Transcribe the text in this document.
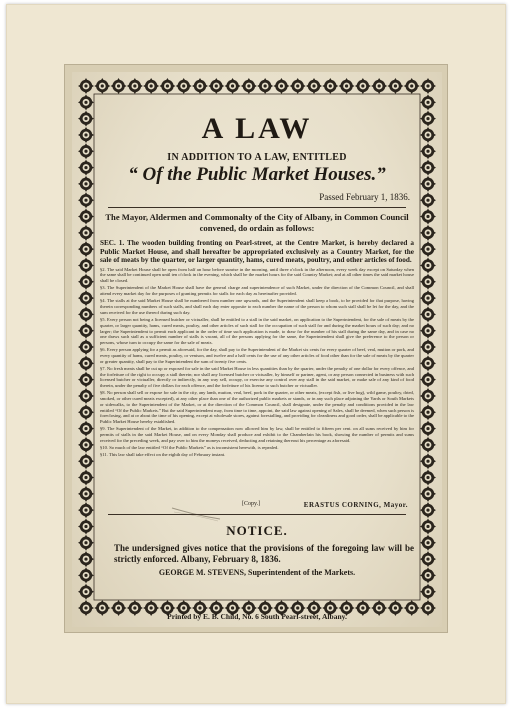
A LAW
IN ADDITION TO A LAW, ENTITLED
“ Of the Public Market Houses.”
Passed February 1, 1836.
The Mayor, Aldermen and Commonalty of the City of Albany, in Common Council convened, do ordain as follows:

SEC. 1. The wooden building fronting on Pearl-street, at the Centre Market, is hereby declared a Public Market House, and shall hereafter be appropriated exclusively as a Country Market, for the sale of meats by the quarter, or larger quantity, hams, cured meats, poultry, and other articles of food.

§2. The said Market House shall be open from half an hour before sunrise in the morning, until three o'clock in the afternoon, every week day except on Saturday when the same shall be continued open until ten o'clock in the evening, which shall be the market hours for the said Country Market; and at all other times the said market house shall be closed.

§3. The Superintendent of the Market House shall have the general charge and superintendence of such Market, under the direction of the Common Council, and shall attend every market day for the purposes of granting permits for stalls for each day as hereinafter provided.

§4. The stalls at the said Market House shall be numbered from number one upwards, and the Superintendent shall keep a book, to be provided for that purpose, having therein corresponding numbers of such stalls, and shall each day enter opposite to each number the name of the person to whom such stall shall be let for the day, and the sum received for the use thereof during such day.

§5. Every person not being a licensed butcher or victualler, shall be entitled to a stall in the said market, on application to the Superintendent, for the sale of meats by the quarter, or larger quantity, hams, cured meats, poultry, and other articles of such stall for the occupation of such stall for and during the market hours of such day; and no larger; the Superintendent to permit each applicant in the order of time such application is made, to draw for the number of his stall during the same day, and in case no one draws such stall as a sufficient number of stalls is vacant, all of the persons applying for the same, the Superintendent shall give the preference to the person or persons, whose turn to occupy the same for the sale of meats.

§6. Every person applying for a permit as aforesaid, for the day, shall pay to the Superintendent of the Market six cents for every quarter of beef, veal, mutton or pork, and every quantity of hams, cured meats, poultry, or venison, and twelve and a half cents for the use of any other articles of food other than for the sale of meats by the quarter or greater quantity, shall pay to the Superintendent the sum of twenty five cents.

§7. No fresh meats shall be cut up or exposed for sale in the said Market House in less quantities than by the quarter, under the penalty of one dollar for every offence, and the forfeiture of the right to occupy a stall therein; nor shall any licensed butcher or victualler, by himself or partner, agent, or any person connected in business with such licensed butcher or victualler, directly or indirectly, in any way sell, occupy, or exercise any control over any stall in the said market, or make sale of any kind of food therein, under the penalty of five dollars for each offence, and the forfeiture of his license to such butcher or victualler.

§8. No person shall sell or expose for sale in the city, any lamb, mutton, veal, beef, pork in the quarter, or other meats, (except fish, or live hog), wild game, poultry, dried, smoked, or other cured meats excepted), at any other place than one of the authorized public markets or stands, or in any such place adjoining the Yards or South Markets or sidewalks, to the Superintendent of the Market, or at the direction of the Common Council, shall designate, under the penalty and conditions provided in the law entitled “Of the Public Markets.” But the said Superintendent may, from time to time, appoint, the said law against opening of Sales, shall be deemed, when such person is foreclosing, and at or about the time of his opening, except at wholesale stores, against forestalling, and providing for cleanliness and good order, shall be applicable to the Public Market House hereby established.

§9. The Superintendent of the Market, in addition to the compensation now allowed him by law, shall be entitled to fifteen per cent. on all sums received by him for permits of stalls in the said Market House, and on every Monday shall produce and exhibit to the Chamberlain his book, showing the number of permits and sums received for the preceding week, and pay over to him the moneys received, deducting and retaining thereout his percentage as aforesaid.

§10. So much of the law entitled “Of the Public Markets” as is inconsistent herewith, is repealed.

§11. This law shall take effect on the eighth day of February instant.

[Copy.]	ERASTUS CORNING, Mayor.
NOTICE.
The undersigned gives notice that the provisions of the foregoing law will be strictly enforced. Albany, February 8, 1836.
GEORGE M. STEVENS, Superintendent of the Markets.
Printed by E. B. Child, No. 6 South Pearl-street, Albany.
